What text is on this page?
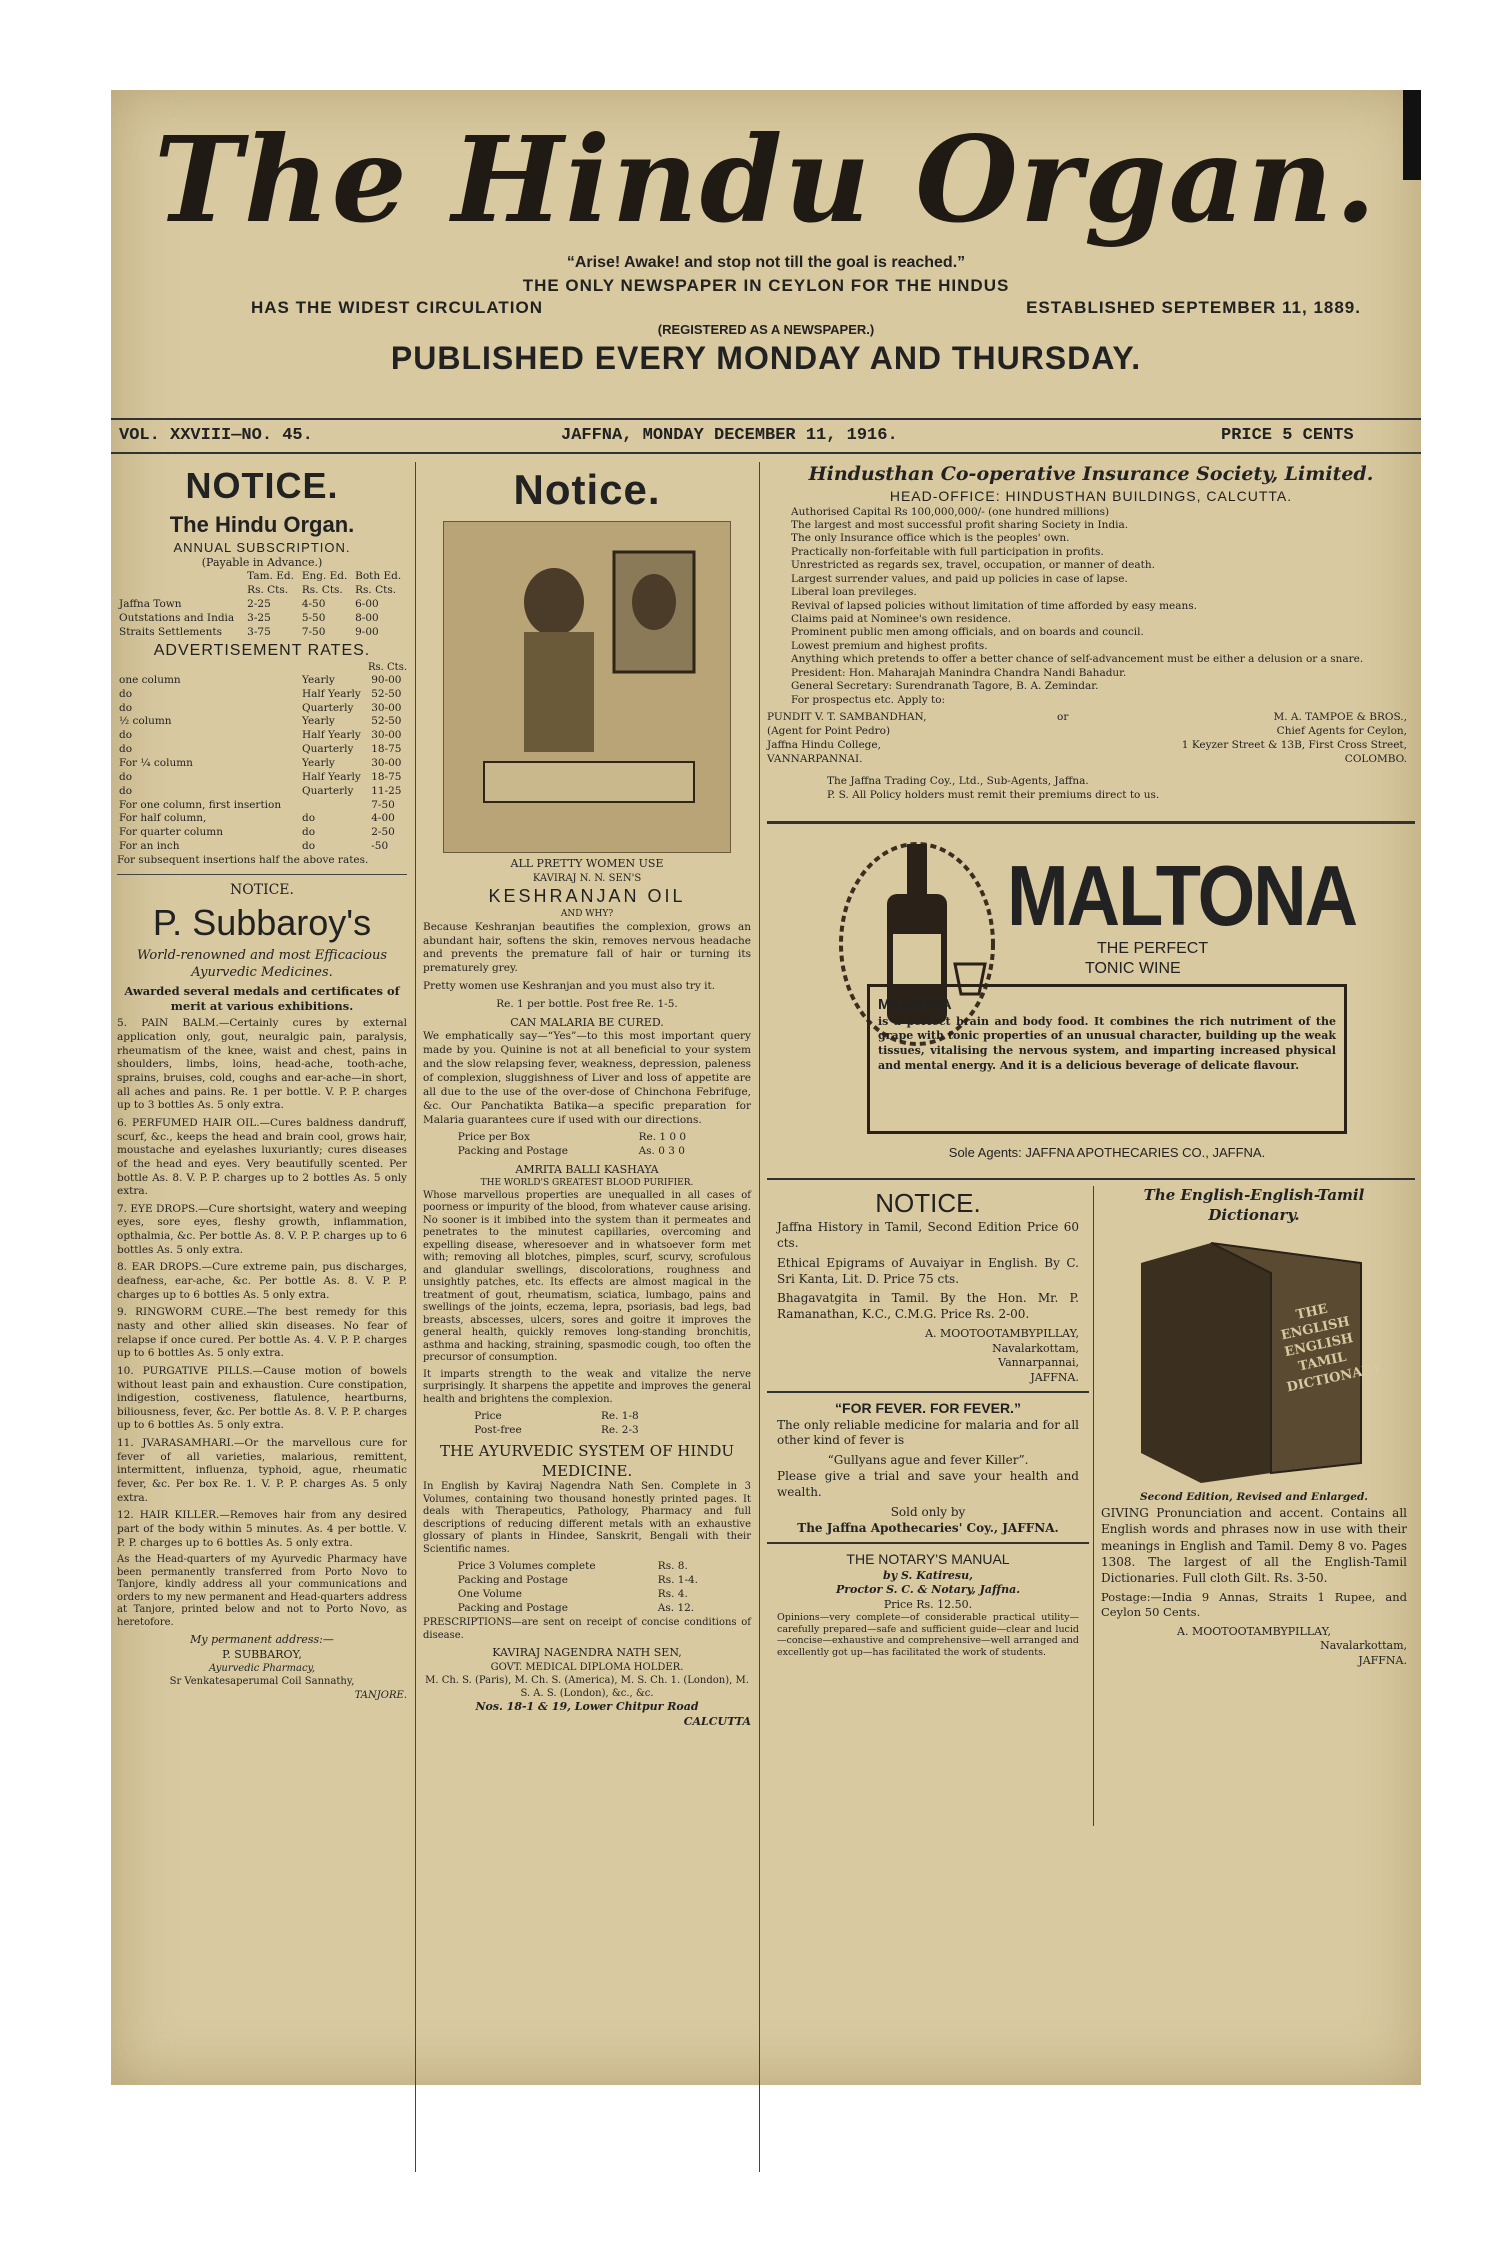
The Hindu Organ.
“Arise! Awake! and stop not till the goal is reached.”
THE ONLY NEWSPAPER IN CEYLON FOR THE HINDUS
HAS THE WIDEST CIRCULATION	ESTABLISHED SEPTEMBER 11, 1889.
(REGISTERED AS A NEWSPAPER.)
PUBLISHED EVERY MONDAY AND THURSDAY.
VOL. XXVIII—NO. 45.	JAFFNA, MONDAY DECEMBER 11, 1916.	PRICE 5 CENTS
NOTICE.
The Hindu Organ.
ANNUAL SUBSCRIPTION.
(Payable in Advance.)
	Tam. Ed.	Eng. Ed.	Both Ed.
	Rs. Cts.	Rs. Cts.	Rs. Cts.
Jaffna Town	2-25	4-50	6-00
Outstations and India	3-25	5-50	8-00
Straits Settlements	3-75	7-50	9-00
ADVERTISEMENT RATES.
Rs. Cts.
one column	Yearly	90-00
do	Half Yearly	52-50
do	Quarterly	30-00
½ column	Yearly	52-50
do	Half Yearly	30-00
do	Quarterly	18-75
For ¼ column	Yearly	30-00
do	Half Yearly	18-75
do	Quarterly	11-25
For one column, first insertion		7-50
For half column,	do	4-00
For quarter column	do	2-50
For an inch	do	-50
For subsequent insertions half the above rates.
NOTICE.
P. Subbaroy's
World-renowned and most Efficacious Ayurvedic Medicines.
Awarded several medals and certificates of merit at various exhibitions.

5. PAIN BALM.—Certainly cures by external application only, gout, neuralgic pain, paralysis, rheumatism of the knee, waist and chest, pains in shoulders, limbs, loins, head-ache, tooth-ache, sprains, bruises, cold, coughs and ear-ache—in short, all aches and pains. Re. 1 per bottle. V. P. P. charges up to 3 bottles As. 5 only extra.

6. PERFUMED HAIR OIL.—Cures baldness dandruff, scurf, &c., keeps the head and brain cool, grows hair, moustache and eyelashes luxuriantly; cures diseases of the head and eyes. Very beautifully scented. Per bottle As. 8. V. P. P. charges up to 2 bottles As. 5 only extra.

7. EYE DROPS.—Cure shortsight, watery and weeping eyes, sore eyes, fleshy growth, inflammation, opthalmia, &c. Per bottle As. 8. V. P. P. charges up to 6 bottles As. 5 only extra.

8. EAR DROPS.—Cure extreme pain, pus discharges, deafness, ear-ache, &c. Per bottle As. 8. V. P. P. charges up to 6 bottles As. 5 only extra.

9. RINGWORM CURE.—The best remedy for this nasty and other allied skin diseases. No fear of relapse if once cured. Per bottle As. 4. V. P. P. charges up to 6 bottles As. 5 only extra.

10. PURGATIVE PILLS.—Cause motion of bowels without least pain and exhaustion. Cure constipation, indigestion, costiveness, flatulence, heartburns, biliousness, fever, &c. Per bottle As. 8. V. P. P. charges up to 6 bottles As. 5 only extra.

11. JVARASAMHARI.—Or the marvellous cure for fever of all varieties, malarious, remittent, intermittent, influenza, typhoid, ague, rheumatic fever, &c. Per box Re. 1. V. P. P. charges As. 5 only extra.

12. HAIR KILLER.—Removes hair from any desired part of the body within 5 minutes. As. 4 per bottle. V. P. P. charges up to 6 bottles As. 5 only extra.

As the Head-quarters of my Ayurvedic Pharmacy have been permanently transferred from Porto Novo to Tanjore, kindly address all your communications and orders to my new permanent and Head-quarters address at Tanjore, printed below and not to Porto Novo, as heretofore.

My permanent address:—
P. SUBBAROY,
Ayurvedic Pharmacy,
Sr Venkatesaperumal Coil Sannathy,
TANJORE.
Notice.
ALL PRETTY WOMEN USE
KAVIRAJ N. N. SEN'S
KESHRANJAN OIL
AND WHY?

Because Keshranjan beautifies the complexion, grows an abundant hair, softens the skin, removes nervous headache and prevents the premature fall of hair or turning its prematurely grey.

Pretty women use Keshranjan and you must also try it.

Re. 1 per bottle. Post free Re. 1-5.
CAN MALARIA BE CURED.

We emphatically say—“Yes”—to this most important query made by you. Quinine is not at all beneficial to your system and the slow relapsing fever, weakness, depression, paleness of complexion, sluggishness of Liver and loss of appetite are all due to the use of the over-dose of Chinchona Febrifuge, &c. Our Panchatikta Batika—a specific preparation for Malaria guarantees cure if used with our directions.

Price per Box	Re. 1 0 0
Packing and Postage	As. 0 3 0
AMRITA BALLI KASHAYA
THE WORLD'S GREATEST BLOOD PURIFIER.

Whose marvellous properties are unequalled in all cases of poorness or impurity of the blood, from whatever cause arising. No sooner is it imbibed into the system than it permeates and penetrates to the minutest capillaries, overcoming and expelling disease, wheresoever and in whatsoever form met with; removing all blotches, pimples, scurf, scurvy, scrofulous and glandular swellings, discolorations, roughness and unsightly patches, etc. Its effects are almost magical in the treatment of gout, rheumatism, sciatica, lumbago, pains and swellings of the joints, eczema, lepra, psoriasis, bad legs, bad breasts, abscesses, ulcers, sores and goitre it improves the general health, quickly removes long-standing bronchitis, asthma and hacking, straining, spasmodic cough, too often the precursor of consumption.

It imparts strength to the weak and vitalize the nerve surprisingly. It sharpens the appetite and improves the general health and brightens the complexion.

Price	Re. 1-8
Post-free	Re. 2-3
THE AYURVEDIC SYSTEM OF HINDU MEDICINE.

In English by Kaviraj Nagendra Nath Sen. Complete in 3 Volumes, containing two thousand honestly printed pages. It deals with Therapeutics, Pathology, Pharmacy and full descriptions of reducing different metals with an exhaustive glossary of plants in Hindee, Sanskrit, Bengali with their Scientific names.

Price 3 Volumes complete	Rs. 8.
Packing and Postage	Rs. 1-4.
One Volume	Rs. 4.
Packing and Postage	As. 12.

PRESCRIPTIONS—are sent on receipt of concise conditions of disease.

KAVIRAJ NAGENDRA NATH SEN,
GOVT. MEDICAL DIPLOMA HOLDER.
M. Ch. S. (Paris), M. Ch. S. (America), M. S. Ch. 1. (London), M. S. A. S. (London), &c., &c.
Nos. 18-1 & 19, Lower Chitpur Road
CALCUTTA
Hindusthan Co-operative Insurance Society, Limited.
HEAD-OFFICE: HINDUSTHAN BUILDINGS, CALCUTTA.
Authorised Capital Rs 100,000,000/- (one hundred millions)
The largest and most successful profit sharing Society in India.
The only Insurance office which is the peoples' own.
Practically non-forfeitable with full participation in profits.
Unrestricted as regards sex, travel, occupation, or manner of death.
Largest surrender values, and paid up policies in case of lapse.
Liberal loan previleges.
Revival of lapsed policies without limitation of time afforded by easy means.
Claims paid at Nominee's own residence.
Prominent public men among officials, and on boards and council.
Lowest premium and highest profits.
Anything which pretends to offer a better chance of self-advancement must be either a delusion or a snare.
President: Hon. Maharajah Manindra Chandra Nandi Bahadur.
General Secretary: Surendranath Tagore, B. A. Zemindar.
For prospectus etc. Apply to:
PUNDIT V. T. SAMBANDHAN,
(Agent for Point Pedro)
Jaffna Hindu College,
VANNARPANNAI.
or	M. A. TAMPOE & BROS.,
Chief Agents for Ceylon,
1 Keyzer Street & 13B, First Cross Street,
COLOMBO.
The Jaffna Trading Coy., Ltd., Sub-Agents, Jaffna.
P. S. All Policy holders must remit their premiums direct to us.
MALTONA
THE PERFECT
TONIC WINE
MALTONA

is a perfect brain and body food. It combines the rich nutriment of the grape with tonic properties of an unusual character, building up the weak tissues, vitalising the nervous system, and imparting increased physical and mental energy. And it is a delicious beverage of delicate flavour.

Sole Agents: JAFFNA APOTHECARIES CO., JAFFNA.
NOTICE.

Jaffna History in Tamil, Second Edition Price 60 cts.

Ethical Epigrams of Auvaiyar in English. By C. Sri Kanta, Lit. D. Price 75 cts.

Bhagavatgita in Tamil. By the Hon. Mr. P. Ramanathan, K.C., C.M.G. Price Rs. 2-00.

A. MOOTOOTAMBYPILLAY,
Navalarkottam,
Vannarpannai,
JAFFNA.
“FOR FEVER. FOR FEVER.”

The only reliable medicine for malaria and for all other kind of fever is

“Gullyans ague and fever Killer”.

Please give a trial and save your health and wealth.

Sold only by
The Jaffna Apothecaries' Coy., JAFFNA.
THE NOTARY'S MANUAL
by S. Katiresu,
Proctor S. C. & Notary, Jaffna.
Price Rs. 12.50.

Opinions—very complete—of considerable practical utility—carefully prepared—safe and sufficient guide—clear and lucid—concise—exhaustive and comprehensive—well arranged and excellently got up—has facilitated the work of students.

The English-English-Tamil Dictionary.
THE ENGLISH ENGLISH TAMIL DICTIONARY
Second Edition, Revised and Enlarged.

GIVING Pronunciation and accent. Contains all English words and phrases now in use with their meanings in English and Tamil. Demy 8 vo. Pages 1308. The largest of all the English-Tamil Dictionaries. Full cloth Gilt. Rs. 3-50.

Postage:—India 9 Annas, Straits 1 Rupee, and Ceylon 50 Cents.

A. MOOTOOTAMBYPILLAY,
Navalarkottam,
JAFFNA.
